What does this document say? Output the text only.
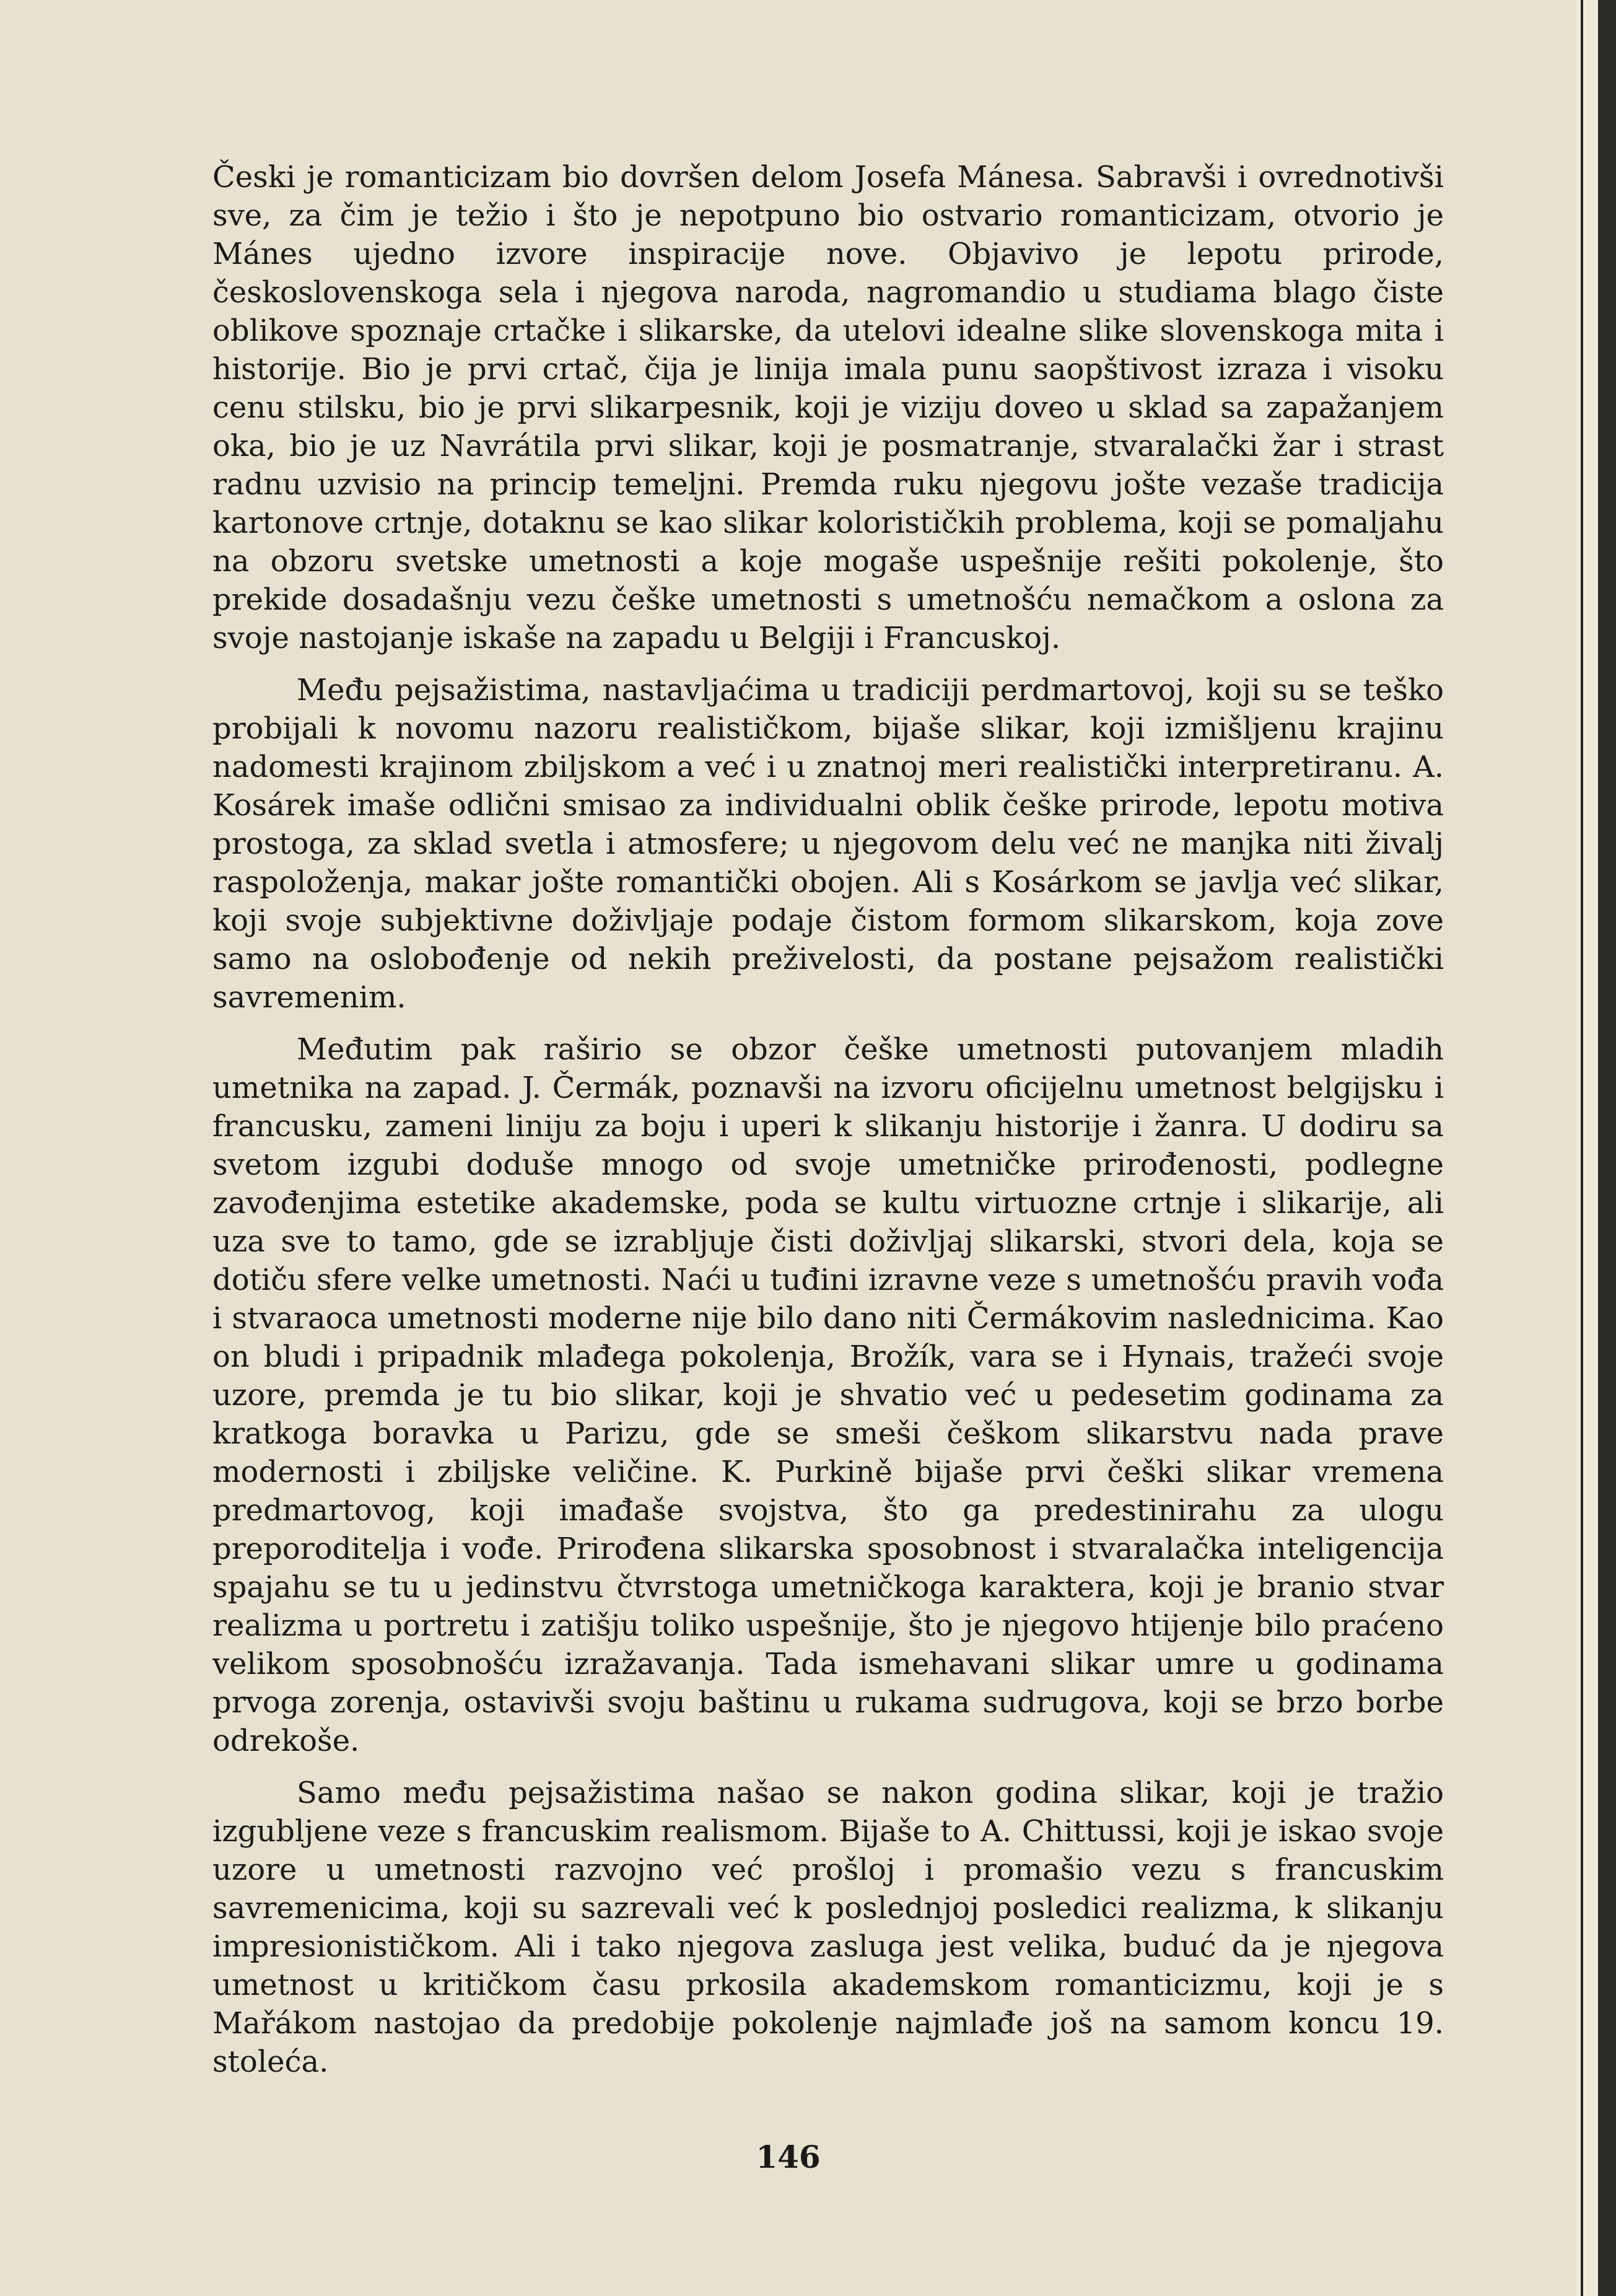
Česki je romanticizam bio dovršen delom Josefa Mánesa. Sabravši i ovrednotivši sve, za čim je težio i što je nepotpuno bio ostvario romanticizam, otvorio je Mánes ujedno izvore inspiracije nove. Objavivo je lepotu prirode, československoga sela i njegova naroda, nagromandio u studiama blago čiste oblikove spoznaje crtačke i slikarske, da utelovi idealne slike slovenskoga mita i historije. Bio je prvi crtač, čija je linija imala punu saopštivost izraza i visoku cenu stilsku, bio je prvi slikarpesnik, koji je viziju doveo u sklad sa zapažanjem oka, bio je uz Navrátila prvi slikar, koji je posmatranje, stvaralački žar i strast radnu uzvisio na princip temeljni. Premda ruku njegovu jošte vezaše tradicija kartonove crtnje, dotaknu se kao slikar kolorističkih problema, koji se pomaljahu na obzoru svetske umetnosti a koje mogaše uspešnije rešiti pokolenje, što prekide dosadašnju vezu češke umetnosti s umetnošću nemačkom a oslona za svoje nastojanje iskaše na zapadu u Belgiji i Francuskoj.

Među pejsažistima, nastavljaćima u tradiciji perdmartovoj, koji su se teško probijali k novomu nazoru realističkom, bijaše slikar, koji izmišljenu krajinu nadomesti krajinom zbiljskom a već i u znatnoj meri realistički interpretiranu. A. Kosárek imaše odlični smisao za individualni oblik češke prirode, lepotu motiva prostoga, za sklad svetla i atmosfere; u njegovom delu već ne manjka niti živalj raspoloženja, makar jošte romantički obojen. Ali s Kosárkom se javlja već slikar, koji svoje subjektivne doživljaje podaje čistom formom slikarskom, koja zove samo na oslobođenje od nekih preživelosti, da postane pejsažom realistički savremenim.

Međutim pak raširio se obzor češke umetnosti putovanjem mladih umetnika na zapad. J. Čermák, poznavši na izvoru oficijelnu umetnost belgijsku i francusku, zameni liniju za boju i uperi k slikanju historije i žanra. U dodiru sa svetom izgubi doduše mnogo od svoje umetničke prirođenosti, podlegne zavođenjima estetike akademske, poda se kultu virtuozne crtnje i slikarije, ali uza sve to tamo, gde se izrabljuje čisti doživljaj slikarski, stvori dela, koja se dotiču sfere velke umetnosti. Naći u tuđini izravne veze s umetnošću pravih vođa i stvaraoca umetnosti moderne nije bilo dano niti Čermákovim naslednicima. Kao on bludi i pripadnik mlađega pokolenja, Brožík, vara se i Hynais, tražeći svoje uzore, premda je tu bio slikar, koji je shvatio već u pedesetim godinama za kratkoga boravka u Parizu, gde se smeši češkom slikarstvu nada prave modernosti i zbiljske veličine. K. Purkině bijaše prvi češki slikar vremena predmartovog, koji imađaše svojstva, što ga predestinirahu za ulogu preporoditelja i vođe. Prirođena slikarska sposobnost i stvaralačka inteligencija spajahu se tu u jedinstvu čtvrstoga umetničkoga karaktera, koji je branio stvar realizma u portretu i zatišju toliko uspešnije, što je njegovo htijenje bilo praćeno velikom sposobnošću izražavanja. Tada ismehavani slikar umre u godinama prvoga zorenja, ostavivši svoju baštinu u rukama sudrugova, koji se brzo borbe odrekoše.

Samo među pejsažistima našao se nakon godina slikar, koji je tražio izgubljene veze s francuskim realismom. Bijaše to A. Chittussi, koji je iskao svoje uzore u umetnosti razvojno već prošloj i promašio vezu s francuskim savremenicima, koji su sazrevali već k poslednjoj posledici realizma, k slikanju impresionističkom. Ali i tako njegova zasluga jest velika, buduć da je njegova umetnost u kritičkom času prkosila akademskom romanticizmu, koji je s Mařákom nastojao da predobije pokolenje najmlađe još na samom koncu 19. stoleća.

146
